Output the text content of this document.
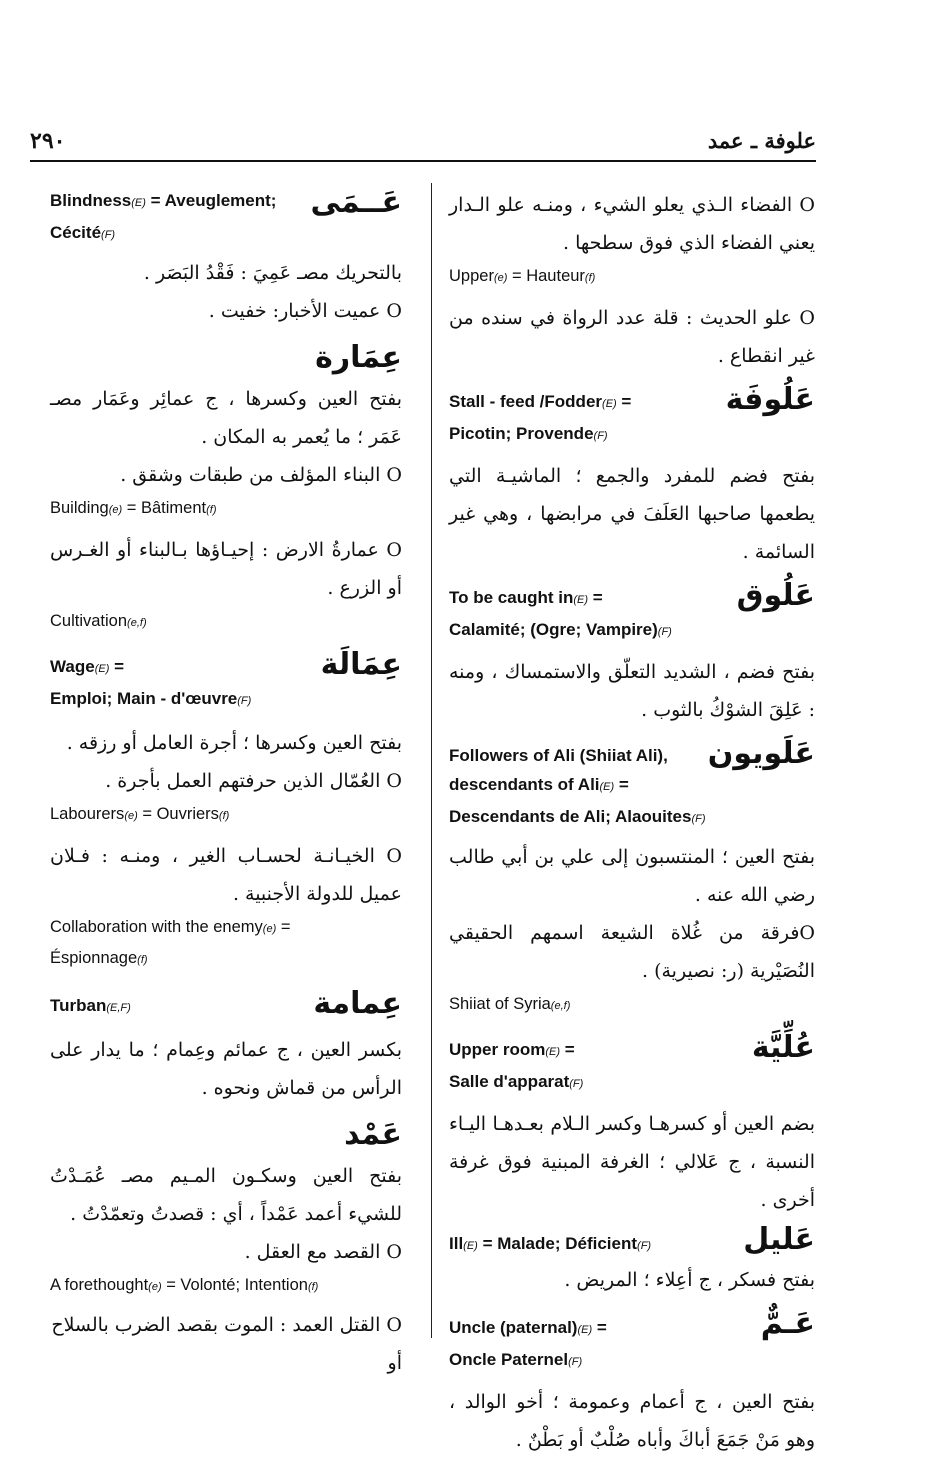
٢٩٠	علوفة ـ عمد
عَــمَى
Blindness(E) = Aveuglement;
Cécité(F)
بالتحريك مصـ عَمِيَ : فَقْدُ البَصَر .
O عميت الأخبار: خفيت .
عِمَارة
بفتح العين وكسرها ، ج عمائِر وعَمَار مصـ عَمَر ؛ ما يُعمر به المكان .
O البناء المؤلف من طبقات وشقق .
Building(e) = Bâtiment(f)
O عمارةُ الارض : إحيـاؤها بـالبناء أو الغـرس أو الزرع .
Cultivation(e,f)
عِمَالَة
Wage(E) =
Emploi; Main - d'œuvre(F)
بفتح العين وكسرها ؛ أجرة العامل أو رزقه .
O العُمّال الذين حرفتهم العمل بأجرة .
Labourers(e) = Ouvriers(f)
O الخيـانـة لحسـاب الغير ، ومنـه : فـلان عميل للدولة الأجنبية .
Collaboration with the enemy(e) =
Éspionnage(f)
عِمامة
Turban(E,F)
بكسر العين ، ج عمائم وعِمام ؛ ما يدار على الرأس من قماش ونحوه .
عَمْد
بفتح العين وسكـون المـيم مصـ عُمَـدْتُ للشيء أعمد عَمْداً ، أي : قصدتُ وتعمّدْتُ .
O القصد مع العقل .
A forethought(e) = Volonté; Intention(f)
O القتل العمد : الموت بقصد الضرب بالسلاح أو
O الفضاء الـذي يعلو الشيء ، ومنـه علو الـدار يعني الفضاء الذي فوق سطحها .
Upper(e) = Hauteur(f)
O علو الحديث : قلة عدد الرواة في سنده من غير انقطاع .
عَلُوفَة
Stall - feed /Fodder(E) =
Picotin; Provende(F)
بفتح فضم للمفرد والجمع ؛ الماشيـة التي يطعمها صاحبها العَلَفَ في مرابضها ، وهي غير السائمة .
عَلُوق
To be caught in(E) =
Calamité; (Ogre; Vampire)(F)
بفتح فضم ، الشديد التعلّق والاستمساك ، ومنه : عَلِقَ الشوْكُ بالثوب .
عَلَويون
Followers of Ali (Shiiat Ali),
descendants of Ali(E) =
Descendants de Ali; Alaouites(F)
بفتح العين ؛ المنتسبون إلى علي بن أبي طالب رضي الله عنه .
Oفرقة من غُلاة الشيعة اسمهم الحقيقي النُصَيْرية (ر: نصيرية) .
Shiiat of Syria(e,f)
عُلِّيَّة
Upper room(E) =
Salle d'apparat(F)
بضم العين أو كسرهـا وكسر الـلام بعـدهـا اليـاء النسبة ، ج عَلالي ؛ الغرفة المبنية فوق غرفة أخرى .
عَليل
Ill(E) = Malade; Déficient(F)
بفتح فسكر ، ج أعِلاء ؛ المريض .
عَـمٌّ
Uncle (paternal)(E) =
Oncle Paternel(F)
بفتح العين ، ج أعمام وعمومة ؛ أخو الوالد ، وهو مَنْ جَمَعَ أباكَ وأباه صُلْبٌ أو بَطْنٌ .
